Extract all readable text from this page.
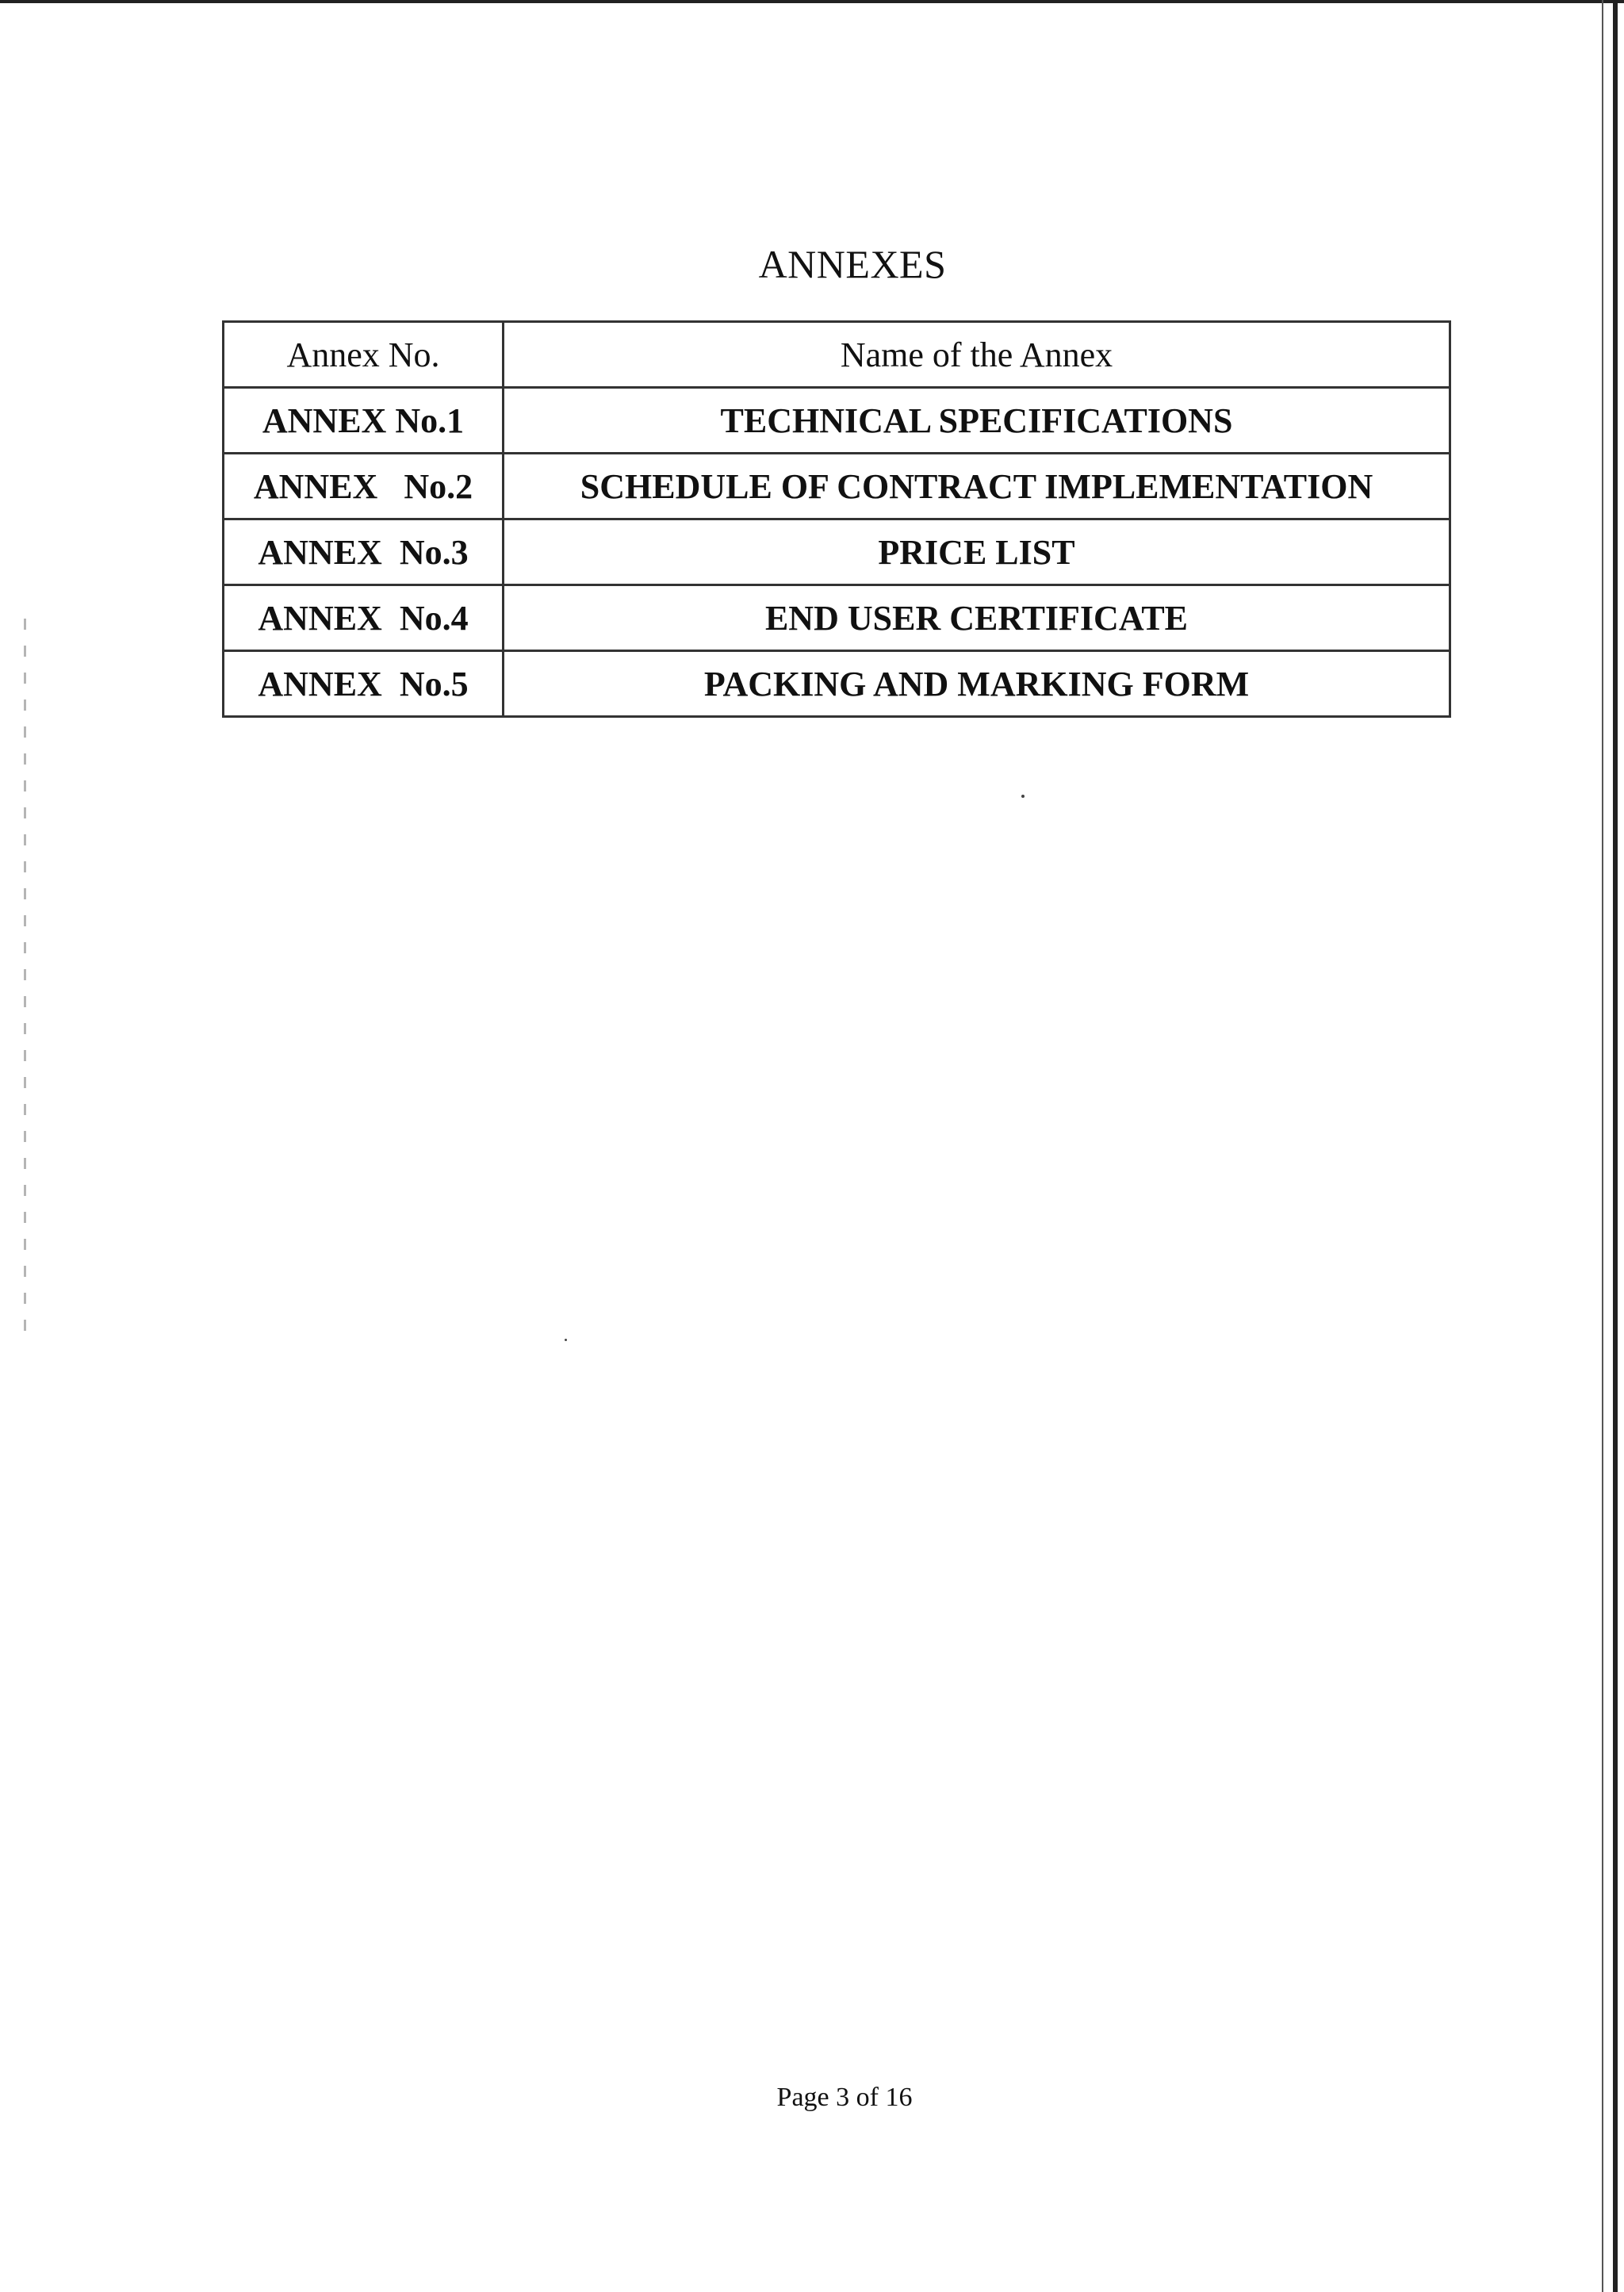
ANNEXES
Annex No.	Name of the Annex
ANNEX No.1	TECHNICAL SPECIFICATIONS
ANNEX   No.2	SCHEDULE OF CONTRACT IMPLEMENTATION
ANNEX  No.3	PRICE LIST
ANNEX  No.4	END USER CERTIFICATE
ANNEX  No.5	PACKING AND MARKING FORM
Page 3 of 16
